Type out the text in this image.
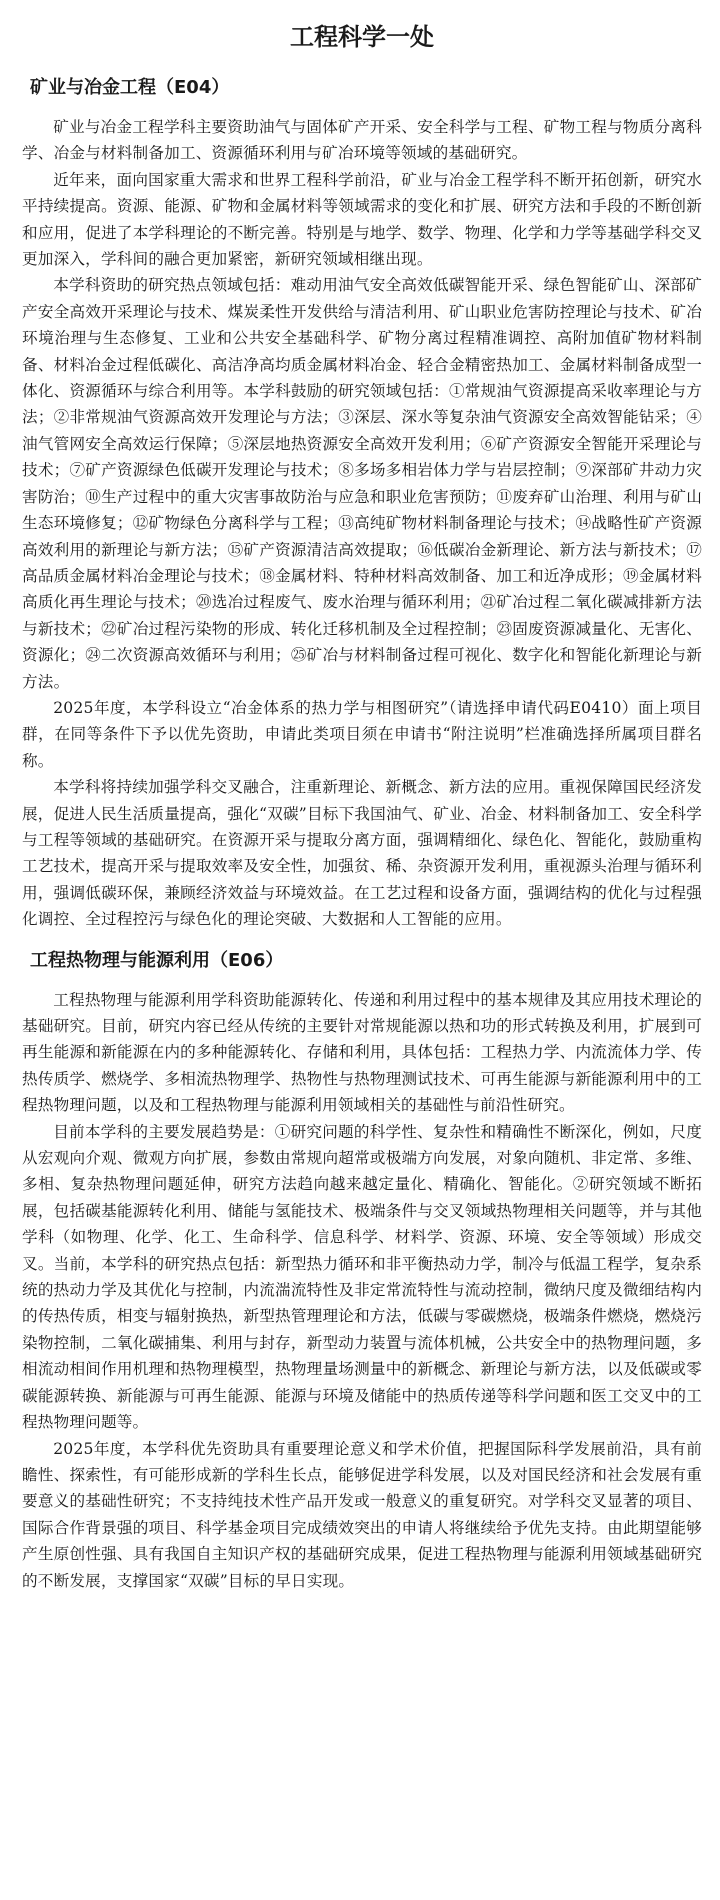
工程科学一处
矿业与冶金工程（E04）

矿业与冶金工程学科主要资助油气与固体矿产开采、安全科学与工程、矿物工程与物质分离科学、冶金与材料制备加工、资源循环利用与矿冶环境等领域的基础研究。

近年来，面向国家重大需求和世界工程科学前沿，矿业与冶金工程学科不断开拓创新，研究水平持续提高。资源、能源、矿物和金属材料等领域需求的变化和扩展、研究方法和手段的不断创新和应用，促进了本学科理论的不断完善。特别是与地学、数学、物理、化学和力学等基础学科交叉更加深入，学科间的融合更加紧密，新研究领域相继出现。

本学科资助的研究热点领域包括：难动用油气安全高效低碳智能开采、绿色智能矿山、深部矿产安全高效开采理论与技术、煤炭柔性开发供给与清洁利用、矿山职业危害防控理论与技术、矿冶环境治理与生态修复、工业和公共安全基础科学、矿物分离过程精准调控、高附加值矿物材料制备、材料冶金过程低碳化、高洁净高均质金属材料冶金、轻合金精密热加工、金属材料制备成型一体化、资源循环与综合利用等。本学科鼓励的研究领域包括：①常规油气资源提高采收率理论与方法；②非常规油气资源高效开发理论与方法；③深层、深水等复杂油气资源安全高效智能钻采；④油气管网安全高效运行保障；⑤深层地热资源安全高效开发利用；⑥矿产资源安全智能开采理论与技术；⑦矿产资源绿色低碳开发理论与技术；⑧多场多相岩体力学与岩层控制；⑨深部矿井动力灾害防治；⑩生产过程中的重大灾害事故防治与应急和职业危害预防；⑪废弃矿山治理、利用与矿山生态环境修复；⑫矿物绿色分离科学与工程；⑬高纯矿物材料制备理论与技术；⑭战略性矿产资源高效利用的新理论与新方法；⑮矿产资源清洁高效提取；⑯低碳冶金新理论、新方法与新技术；⑰高品质金属材料冶金理论与技术；⑱金属材料、特种材料高效制备、加工和近净成形；⑲金属材料高质化再生理论与技术；⑳选冶过程废气、废水治理与循环利用；㉑矿冶过程二氧化碳减排新方法与新技术；㉒矿冶过程污染物的形成、转化迁移机制及全过程控制；㉓固废资源减量化、无害化、资源化；㉔二次资源高效循环与利用；㉕矿冶与材料制备过程可视化、数字化和智能化新理论与新方法。

2025年度，本学科设立“冶金体系的热力学与相图研究”（请选择申请代码E0410）面上项目群，在同等条件下予以优先资助，申请此类项目须在申请书“附注说明”栏准确选择所属项目群名称。

本学科将持续加强学科交叉融合，注重新理论、新概念、新方法的应用。重视保障国民经济发展，促进人民生活质量提高，强化“双碳”目标下我国油气、矿业、冶金、材料制备加工、安全科学与工程等领域的基础研究。在资源开采与提取分离方面，强调精细化、绿色化、智能化，鼓励重构工艺技术，提高开采与提取效率及安全性，加强贫、稀、杂资源开发利用，重视源头治理与循环利用，强调低碳环保，兼顾经济效益与环境效益。在工艺过程和设备方面，强调结构的优化与过程强化调控、全过程控污与绿色化的理论突破、大数据和人工智能的应用。

工程热物理与能源利用（E06）

工程热物理与能源利用学科资助能源转化、传递和利用过程中的基本规律及其应用技术理论的基础研究。目前，研究内容已经从传统的主要针对常规能源以热和功的形式转换及利用，扩展到可再生能源和新能源在内的多种能源转化、存储和利用，具体包括：工程热力学、内流流体力学、传热传质学、燃烧学、多相流热物理学、热物性与热物理测试技术、可再生能源与新能源利用中的工程热物理问题，以及和工程热物理与能源利用领域相关的基础性与前沿性研究。

目前本学科的主要发展趋势是：①研究问题的科学性、复杂性和精确性不断深化，例如，尺度从宏观向介观、微观方向扩展，参数由常规向超常或极端方向发展，对象向随机、非定常、多维、多相、复杂热物理问题延伸，研究方法趋向越来越定量化、精确化、智能化。②研究领域不断拓展，包括碳基能源转化利用、储能与氢能技术、极端条件与交叉领域热物理相关问题等，并与其他学科（如物理、化学、化工、生命科学、信息科学、材料学、资源、环境、安全等领域）形成交叉。当前，本学科的研究热点包括：新型热力循环和非平衡热动力学，制冷与低温工程学，复杂系统的热动力学及其优化与控制，内流湍流特性及非定常流特性与流动控制，微纳尺度及微细结构内的传热传质，相变与辐射换热，新型热管理理论和方法，低碳与零碳燃烧，极端条件燃烧，燃烧污染物控制，二氧化碳捕集、利用与封存，新型动力装置与流体机械，公共安全中的热物理问题，多相流动相间作用机理和热物理模型，热物理量场测量中的新概念、新理论与新方法，以及低碳或零碳能源转换、新能源与可再生能源、能源与环境及储能中的热质传递等科学问题和医工交叉中的工程热物理问题等。

2025年度，本学科优先资助具有重要理论意义和学术价值，把握国际科学发展前沿，具有前瞻性、探索性，有可能形成新的学科生长点，能够促进学科发展，以及对国民经济和社会发展有重要意义的基础性研究；不支持纯技术性产品开发或一般意义的重复研究。对学科交叉显著的项目、国际合作背景强的项目、科学基金项目完成绩效突出的申请人将继续给予优先支持。由此期望能够产生原创性强、具有我国自主知识产权的基础研究成果，促进工程热物理与能源利用领域基础研究的不断发展，支撑国家“双碳”目标的早日实现。
